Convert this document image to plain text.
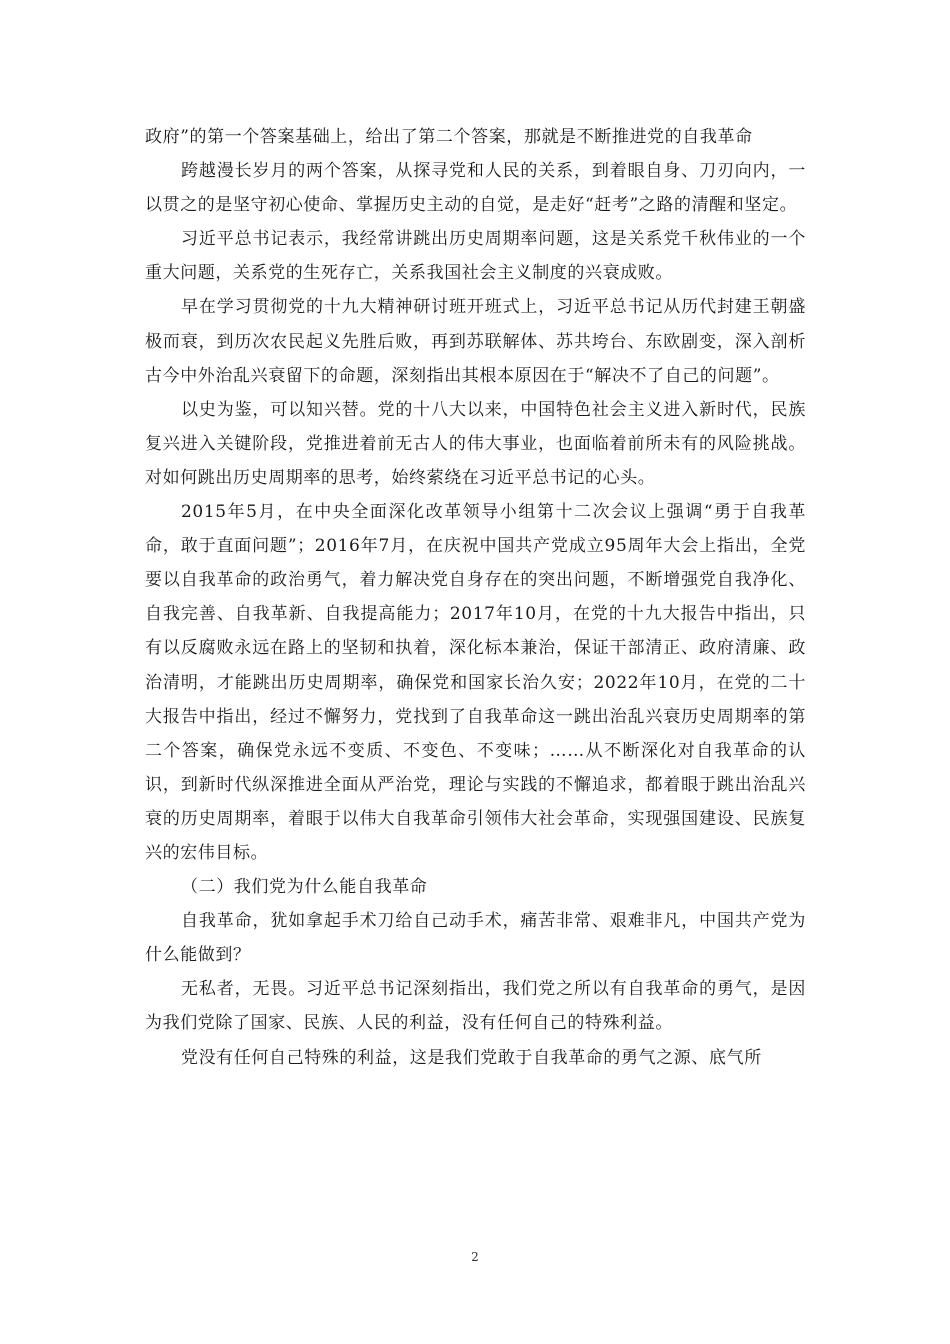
政府”的第一个答案基础上，给出了第二个答案，那就是不断推进党的自我革命

跨越漫长岁月的两个答案，从探寻党和人民的关系，到着眼自身、刀刃向内，一以贯之的是坚守初心使命、掌握历史主动的自觉，是走好“赶考”之路的清醒和坚定。

习近平总书记表示，我经常讲跳出历史周期率问题，这是关系党千秋伟业的一个重大问题，关系党的生死存亡，关系我国社会主义制度的兴衰成败。

早在学习贯彻党的十九大精神研讨班开班式上，习近平总书记从历代封建王朝盛极而衰，到历次农民起义先胜后败，再到苏联解体、苏共垮台、东欧剧变，深入剖析古今中外治乱兴衰留下的命题，深刻指出其根本原因在于“解决不了自己的问题”。

以史为鉴，可以知兴替。党的十八大以来，中国特色社会主义进入新时代，民族复兴进入关键阶段，党推进着前无古人的伟大事业，也面临着前所未有的风险挑战。对如何跳出历史周期率的思考，始终萦绕在习近平总书记的心头。

2015年5月，在中央全面深化改革领导小组第十二次会议上强调“勇于自我革命，敢于直面问题”；2016年7月，在庆祝中国共产党成立95周年大会上指出，全党要以自我革命的政治勇气，着力解决党自身存在的突出问题，不断增强党自我净化、自我完善、自我革新、自我提高能力；2017年10月，在党的十九大报告中指出，只有以反腐败永远在路上的坚韧和执着，深化标本兼治，保证干部清正、政府清廉、政治清明，才能跳出历史周期率，确保党和国家长治久安；2022年10月，在党的二十大报告中指出，经过不懈努力，党找到了自我革命这一跳出治乱兴衰历史周期率的第二个答案，确保党永远不变质、不变色、不变味；……从不断深化对自我革命的认识，到新时代纵深推进全面从严治党，理论与实践的不懈追求，都着眼于跳出治乱兴衰的历史周期率，着眼于以伟大自我革命引领伟大社会革命，实现强国建设、民族复兴的宏伟目标。

（二）我们党为什么能自我革命

自我革命，犹如拿起手术刀给自己动手术，痛苦非常、艰难非凡，中国共产党为什么能做到？

无私者，无畏。习近平总书记深刻指出，我们党之所以有自我革命的勇气，是因为我们党除了国家、民族、人民的利益，没有任何自己的特殊利益。

党没有任何自己特殊的利益，这是我们党敢于自我革命的勇气之源、底气所

2
